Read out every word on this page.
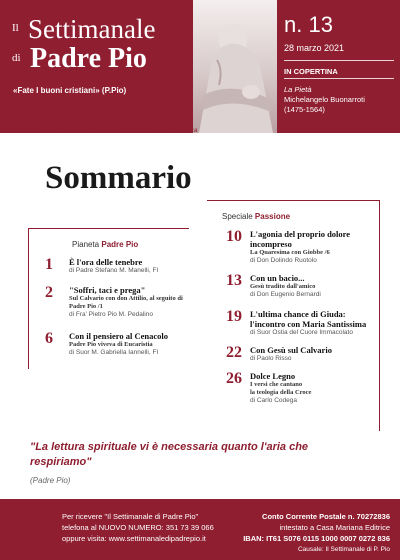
Il Settimanale
di Padre Pio
«Fate I buoni cristiani» (P.Pio)
n. 13
28 marzo 2021
IN COPERTINA
La Pietà
Michelangelo Buonarroti
(1475-1564)
Rivista settimanale di formazione e informazione cattolica
Sommario
Pianeta Padre Pio
1	È l'ora delle tenebre
di Padre Stefano M. Manelli, FI
2	"Soffri, taci e prega"
Sul Calvario con don Attilio, al seguito di Padre Pio /1
di Fra' Pietro Pio M. Pedalino
6	Con il pensiero al Cenacolo
Padre Pio viveva di Eucaristia
di Suor M. Gabriella Iannelli, FI
Speciale Passione
10 L'agonia del proprio dolore
incompreso
La Quaresima con Giobbe /6
di Don Dolindo Ruotolo
13 Con un bacio...
Gesù tradito dall'amico
di Don Eugenio Bernardi
19 L'ultima chance di Giuda:
l'incontro con Maria Santissima
di Suor Ostia del Cuore Immacolato
22 Con Gesù sul Calvario
di Paolo Risso
26 Dolce Legno
I versi che cantano
la teologia della Croce
di Carlo Codega
"La lettura spirituale vi è necessaria quanto l'aria che respiriamo"
(Padre Pio)
Per ricevere "Il Settimanale di Padre Pio"
telefona al NUOVO NUMERO: 351 73 39 066
oppure visita: www.settimanaledipadrepio.it
Conto Corrente Postale n. 70272836
intestato a Casa Mariana Editrice
IBAN: IT61 S076 0115 1000 0007 0272 836
Causale: Il Settimanale di P. Pio
